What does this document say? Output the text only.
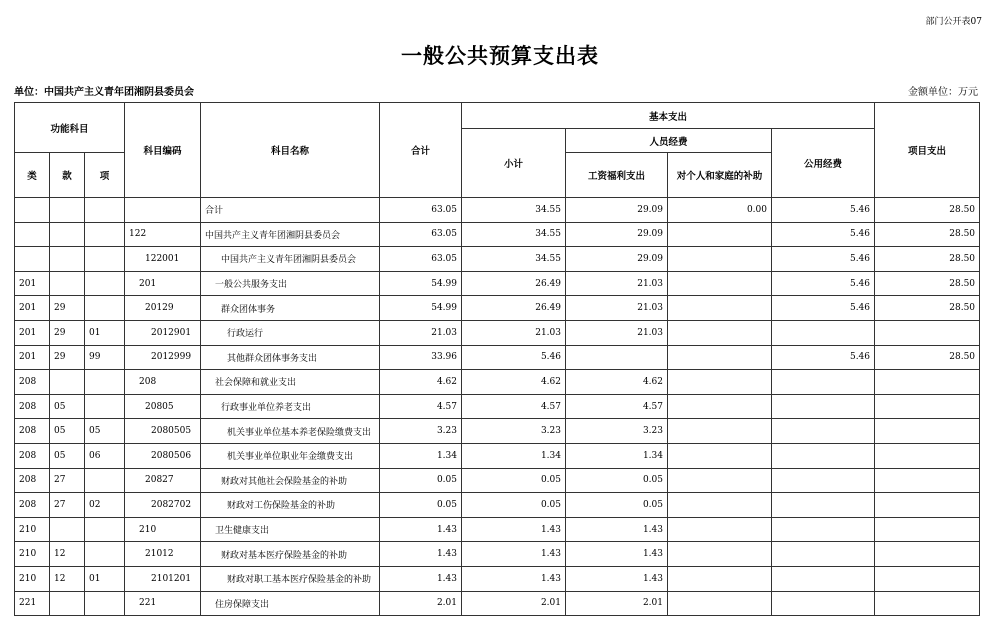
部门公开表07
一般公共预算支出表
单位：中国共产主义青年团湘阴县委员会	金额单位：万元
功能科目			科目编码	科目名称	合计	基本支出				项目支出
						小计	人员经费		公用经费	
类	款	项					工资福利支出	对个人和家庭的补助		
				合计	63.05	34.55	29.09	0.00	5.46	28.50
			122	中国共产主义青年团湘阴县委员会	63.05	34.55	29.09		5.46	28.50
			122001	中国共产主义青年团湘阴县委员会	63.05	34.55	29.09		5.46	28.50
201			201	一般公共服务支出	54.99	26.49	21.03		5.46	28.50
201	29		20129	群众团体事务	54.99	26.49	21.03		5.46	28.50
201	29	01	2012901	行政运行	21.03	21.03	21.03			
201	29	99	2012999	其他群众团体事务支出	33.96	5.46			5.46	28.50
208			208	社会保障和就业支出	4.62	4.62	4.62			
208	05		20805	行政事业单位养老支出	4.57	4.57	4.57			
208	05	05	2080505	机关事业单位基本养老保险缴费支出	3.23	3.23	3.23			
208	05	06	2080506	机关事业单位职业年金缴费支出	1.34	1.34	1.34			
208	27		20827	财政对其他社会保险基金的补助	0.05	0.05	0.05			
208	27	02	2082702	财政对工伤保险基金的补助	0.05	0.05	0.05			
210			210	卫生健康支出	1.43	1.43	1.43			
210	12		21012	财政对基本医疗保险基金的补助	1.43	1.43	1.43			
210	12	01	2101201	财政对职工基本医疗保险基金的补助	1.43	1.43	1.43			
221			221	住房保障支出	2.01	2.01	2.01			
